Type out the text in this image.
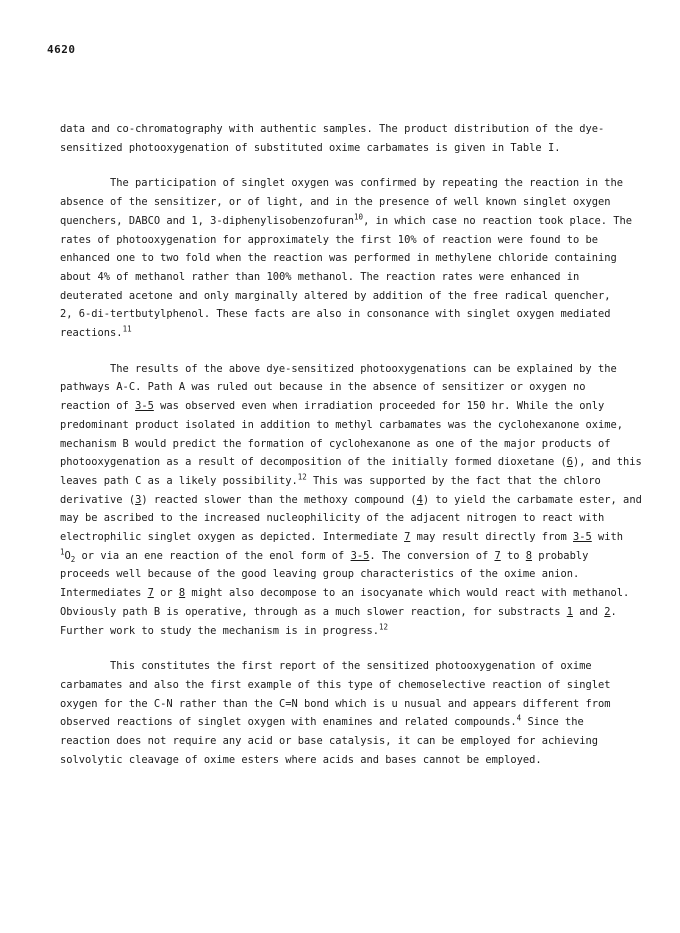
4620

data and co-chromatography with authentic samples. The product distribution of the dye-
sensitized photooxygenation of substituted oxime carbamates is given in Table I.

The participation of singlet oxygen was confirmed by repeating the reaction in the
absence of the sensitizer, or of light, and in the presence of well known singlet oxygen
quenchers, DABCO and 1, 3-diphenylisobenzofuran$^{10}$, in which case no reaction took place. The
rates of photooxygenation for approximately the first 10% of reaction were found to be
enhanced one to two fold when the reaction was performed in methylene chloride containing
about 4% of methanol rather than 100% methanol. The reaction rates were enhanced in
deuterated acetone and only marginally altered by addition of the free radical quencher,
2, 6-di-tertbutylphenol. These facts are also in consonance with singlet oxygen mediated
reactions.$^{11}$

The results of the above dye-sensitized photooxygenations can be explained by the
pathways A-C. Path A was ruled out because in the absence of sensitizer or oxygen no
reaction of 3-5 was observed even when irradiation proceeded for 150 hr. While the only
predominant product isolated in addition to methyl carbamates was the cyclohexanone oxime,
mechanism B would predict the formation of cyclohexanone as one of the major products of
photooxygenation as a result of decomposition of the initially formed dioxetane (6), and this
leaves path C as a likely possibility.$^{12}$ This was supported by the fact that the chloro
derivative (3) reacted slower than the methoxy compound (4) to yield the carbamate ester, and
may be ascribed to the increased nucleophilicity of the adjacent nitrogen to react with
electrophilic singlet oxygen as depicted. Intermediate 7 may result directly from 3-5 with
$^1O_2$ or via an ene reaction of the enol form of 3-5. The conversion of 7 to 8 probably
proceeds well because of the good leaving group characteristics of the oxime anion.
Intermediates 7 or 8 might also decompose to an isocyanate which would react with methanol.
Obviously path B is operative, through as a much slower reaction, for substracts 1 and 2.
Further work to study the mechanism is in progress.$^{12}$

This constitutes the first report of the sensitized photooxygenation of oxime
carbamates and also the first example of this type of chemoselective reaction of singlet
oxygen for the C-N rather than the C=N bond which is u nusual and appears different from
observed reactions of singlet oxygen with enamines and related compounds.$^4$ Since the
reaction does not require any acid or base catalysis, it can be employed for achieving
solvolytic cleavage of oxime esters where acids and bases cannot be employed.
